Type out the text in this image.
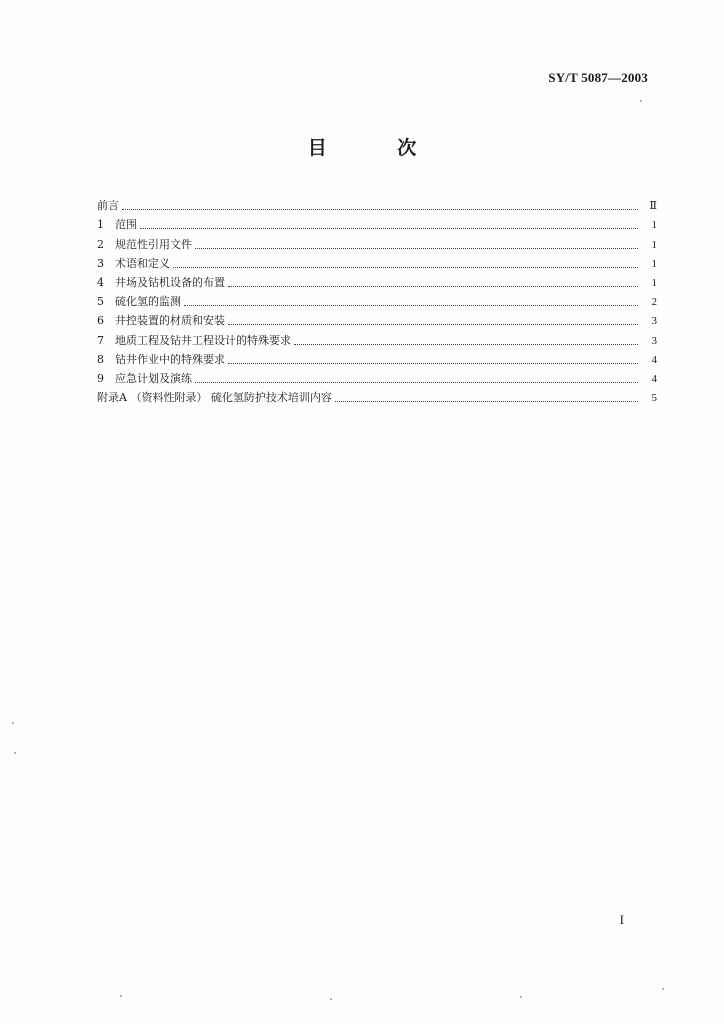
SY/T 5087—2003
目 次
前言	Ⅱ
1	范围	1
2	规范性引用文件	1
3	术语和定义	1
4	井场及钻机设备的布置	1
5	硫化氢的监测	2
6	井控装置的材质和安装	3
7	地质工程及钻井工程设计的特殊要求	3
8	钻井作业中的特殊要求	4
9	应急计划及演练	4
附录A （资料性附录） 硫化氢防护技术培训内容	5
I
